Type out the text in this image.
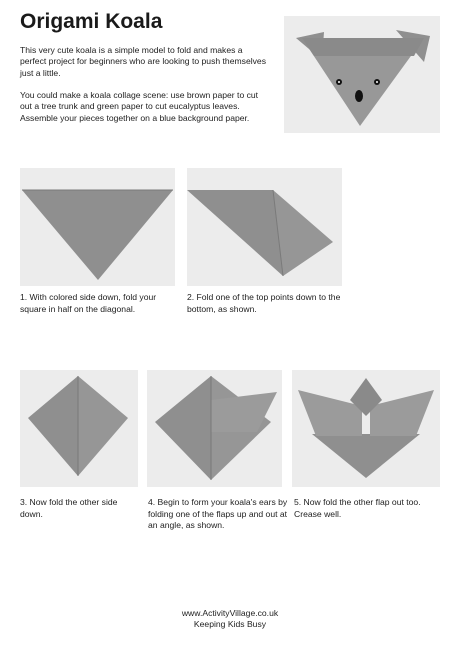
Origami Koala

This very cute koala is a simple model to fold and makes a perfect project for beginners who are looking to push themselves just a little.

You could make a koala collage scene: use brown paper to cut out a tree trunk and green paper to cut eucalyptus leaves. Assemble your pieces together on a blue background paper.

1. With colored side down, fold your square in half on the diagonal.

2. Fold one of the top points down to the bottom, as shown.

3. Now fold the other side down.

4. Begin to form your koala's ears by folding one of the flaps up and out at an angle, as shown.

5. Now fold the other flap out too. Crease well.

www.ActivityVillage.co.uk
Keeping Kids Busy
